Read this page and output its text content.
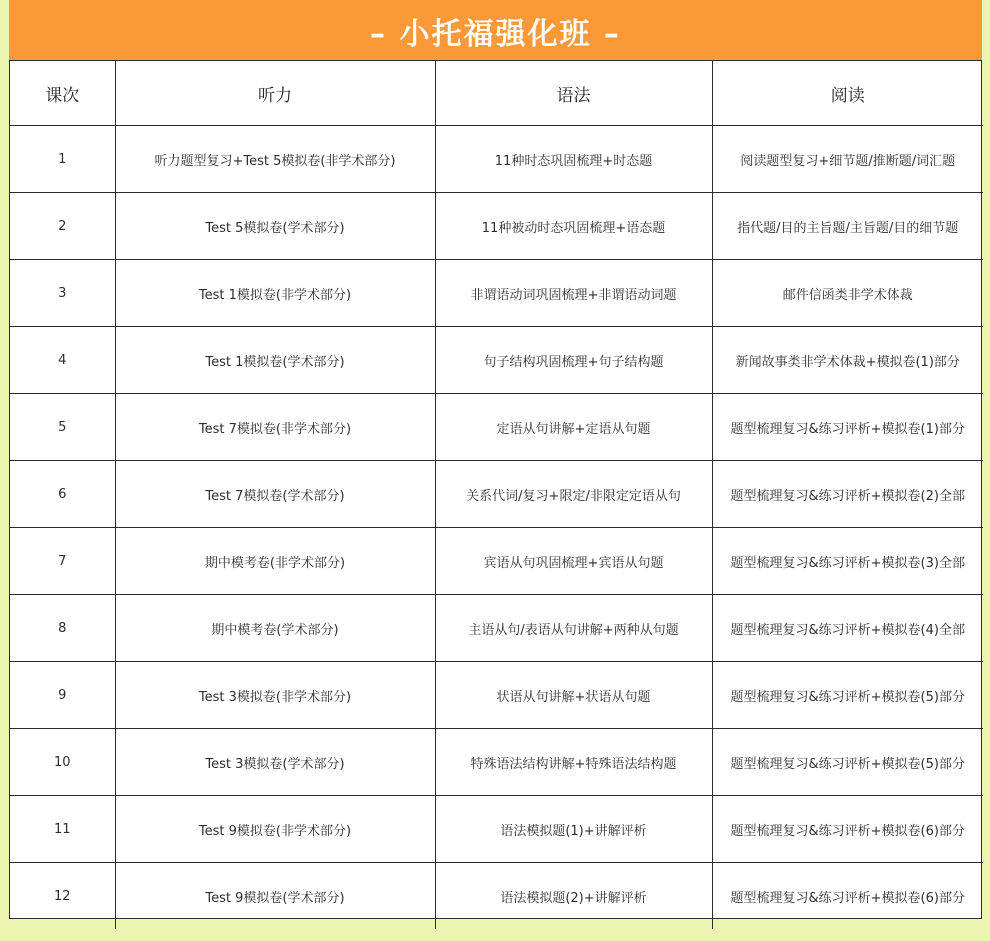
– 小托福强化班 –
课次	听力	语法	阅读
1	听力题型复习+Test 5模拟卷(非学术部分)	11种时态巩固梳理+时态题	阅读题型复习+细节题/推断题/词汇题
2	Test 5模拟卷(学术部分)	11种被动时态巩固梳理+语态题	指代题/目的主旨题/主旨题/目的细节题
3	Test 1模拟卷(非学术部分)	非谓语动词巩固梳理+非谓语动词题	邮件信函类非学术体裁
4	Test 1模拟卷(学术部分)	句子结构巩固梳理+句子结构题	新闻故事类非学术体裁+模拟卷(1)部分
5	Test 7模拟卷(非学术部分)	定语从句讲解+定语从句题	题型梳理复习&练习评析+模拟卷(1)部分
6	Test 7模拟卷(学术部分)	关系代词/复习+限定/非限定定语从句	题型梳理复习&练习评析+模拟卷(2)全部
7	期中模考卷(非学术部分)	宾语从句巩固梳理+宾语从句题	题型梳理复习&练习评析+模拟卷(3)全部
8	期中模考卷(学术部分)	主语从句/表语从句讲解+两种从句题	题型梳理复习&练习评析+模拟卷(4)全部
9	Test 3模拟卷(非学术部分)	状语从句讲解+状语从句题	题型梳理复习&练习评析+模拟卷(5)部分
10	Test 3模拟卷(学术部分)	特殊语法结构讲解+特殊语法结构题	题型梳理复习&练习评析+模拟卷(5)部分
11	Test 9模拟卷(非学术部分)	语法模拟题(1)+讲解评析	题型梳理复习&练习评析+模拟卷(6)部分
12	Test 9模拟卷(学术部分)	语法模拟题(2)+讲解评析	题型梳理复习&练习评析+模拟卷(6)部分
